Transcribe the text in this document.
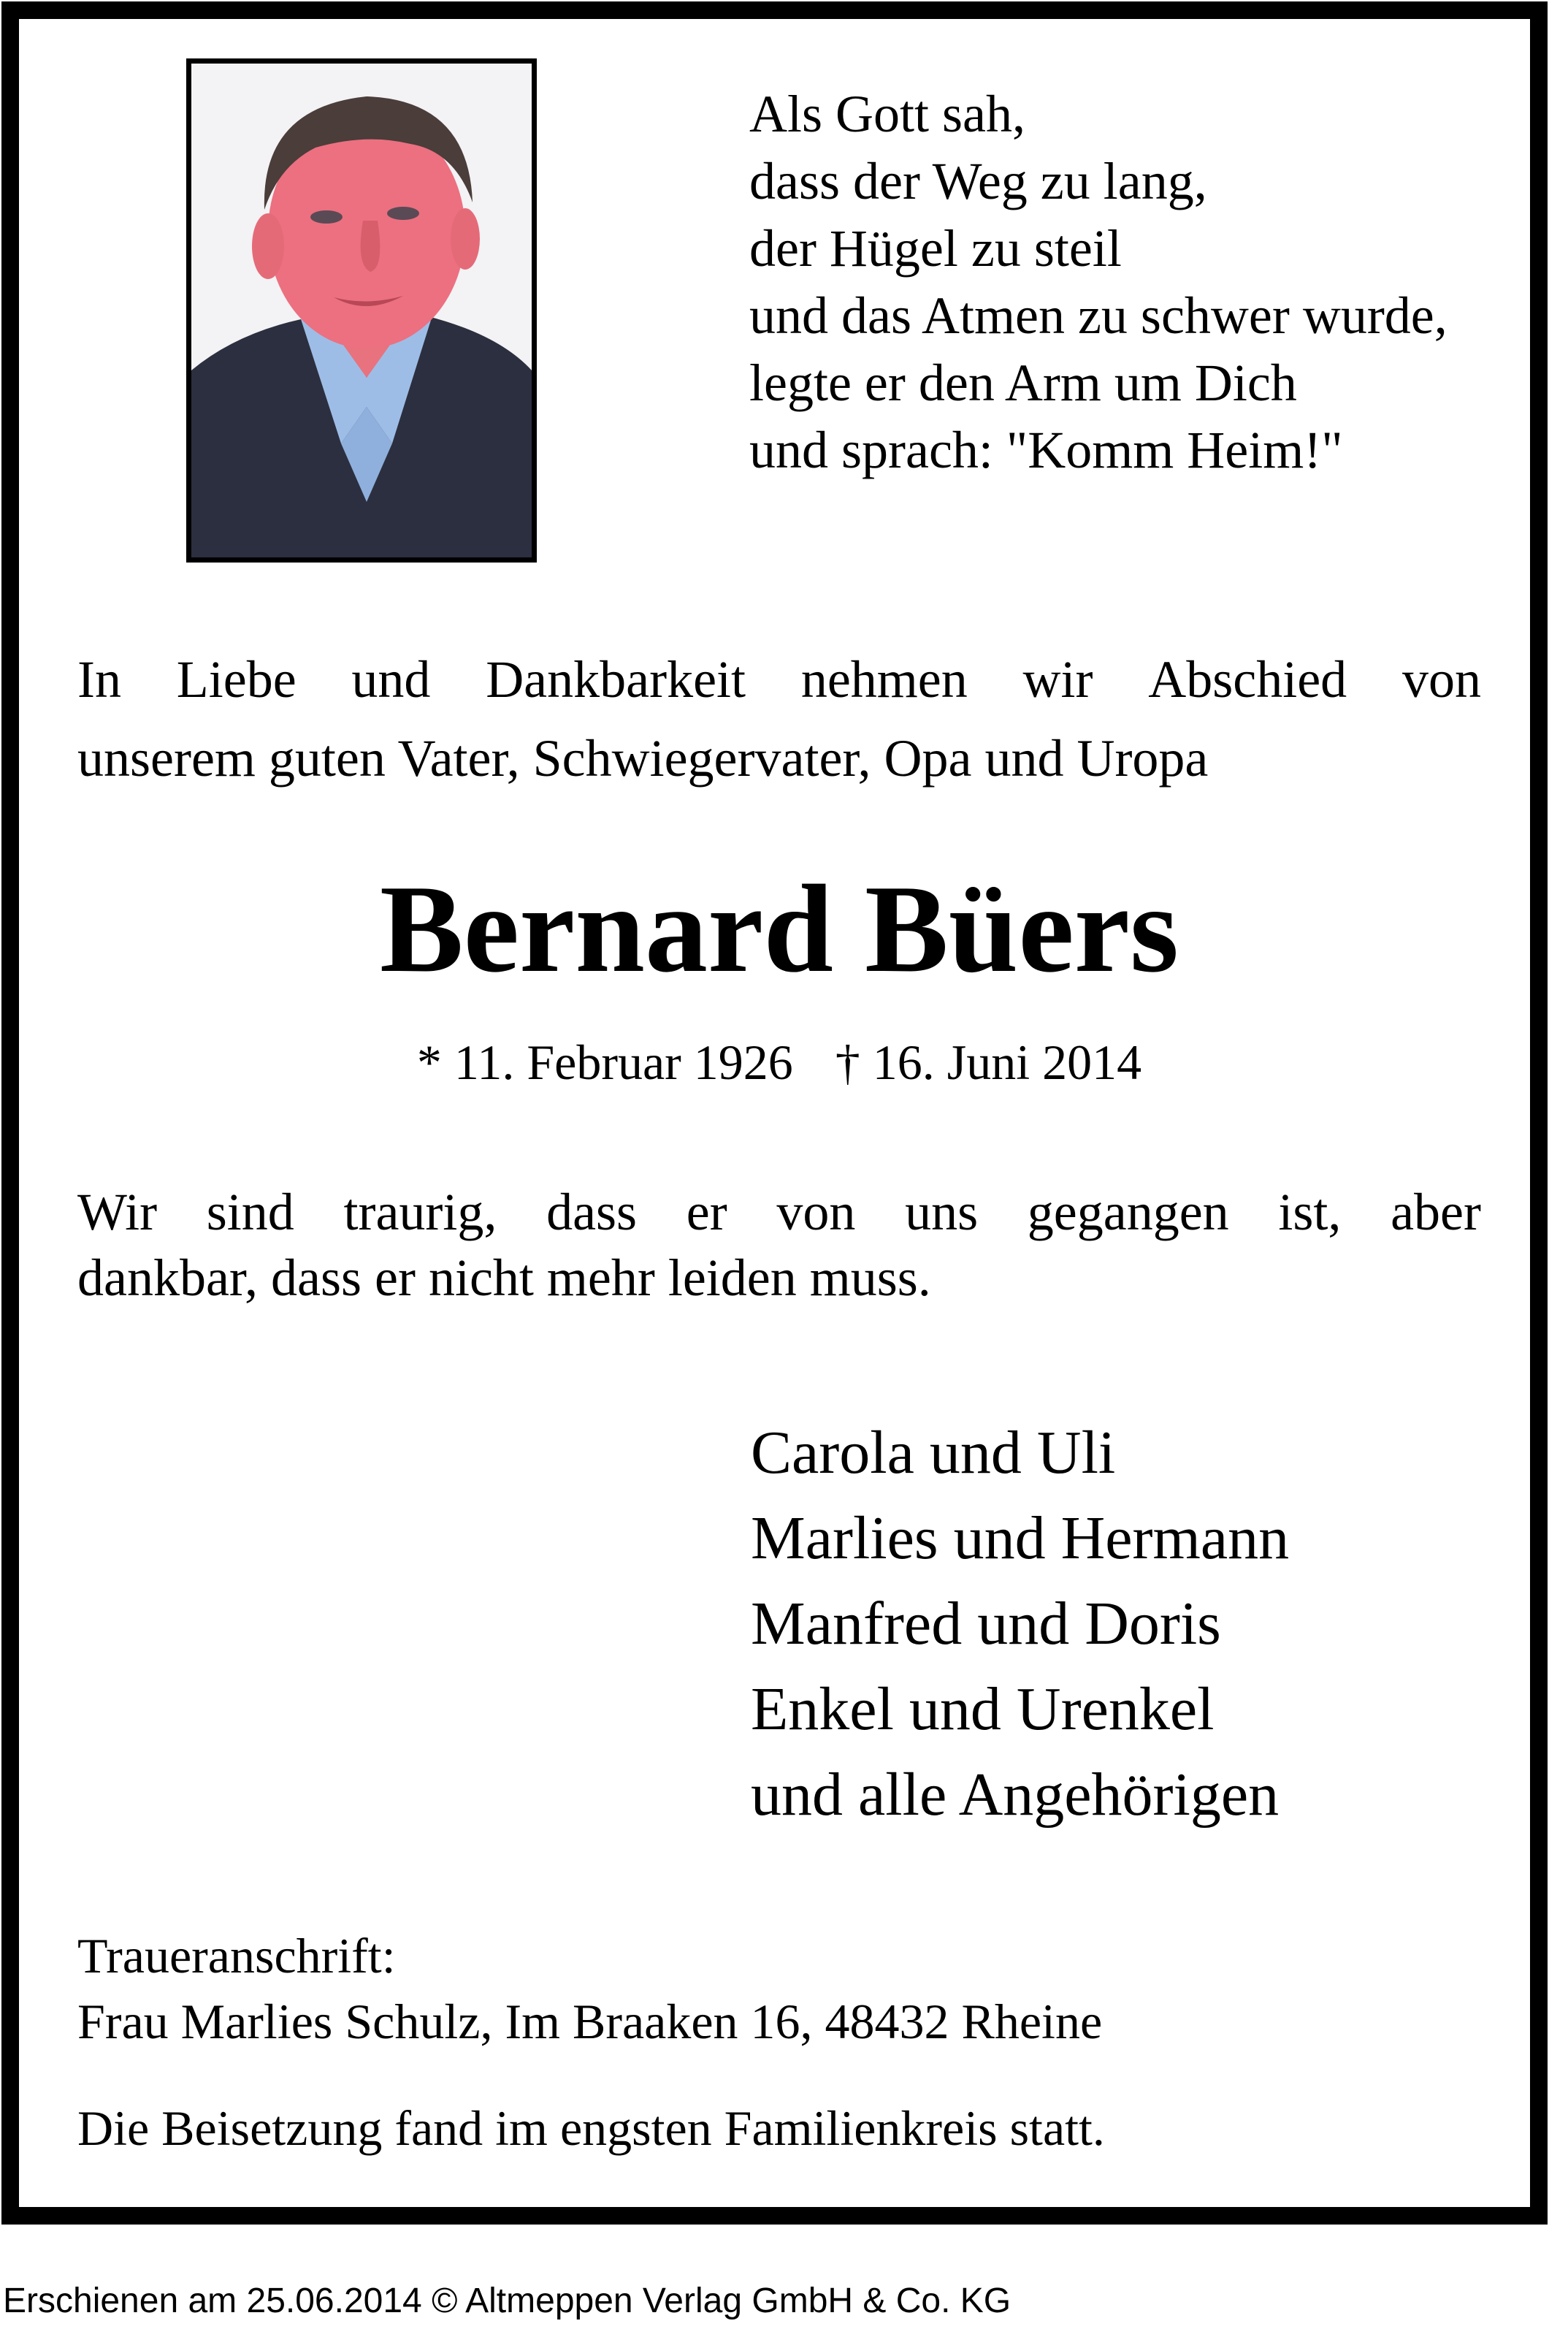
Als Gott sah,
dass der Weg zu lang,
der Hügel zu steil
und das Atmen zu schwer wurde,
legte er den Arm um Dich
und sprach: "Komm Heim!"
In Liebe und Dankbarkeit nehmen wir Abschied von
unserem guten Vater, Schwiegervater, Opa und Uropa
Bernard Büers
* 11. Februar 1926 † 16. Juni 2014
Wir sind traurig, dass er von uns gegangen ist, aber
dankbar, dass er nicht mehr leiden muss.
Carola und Uli
Marlies und Hermann
Manfred und Doris
Enkel und Urenkel
und alle Angehörigen
Traueranschrift:
Frau Marlies Schulz, Im Braaken 16, 48432 Rheine
Die Beisetzung fand im engsten Familienkreis statt.
Erschienen am 25.06.2014 © Altmeppen Verlag GmbH & Co. KG
